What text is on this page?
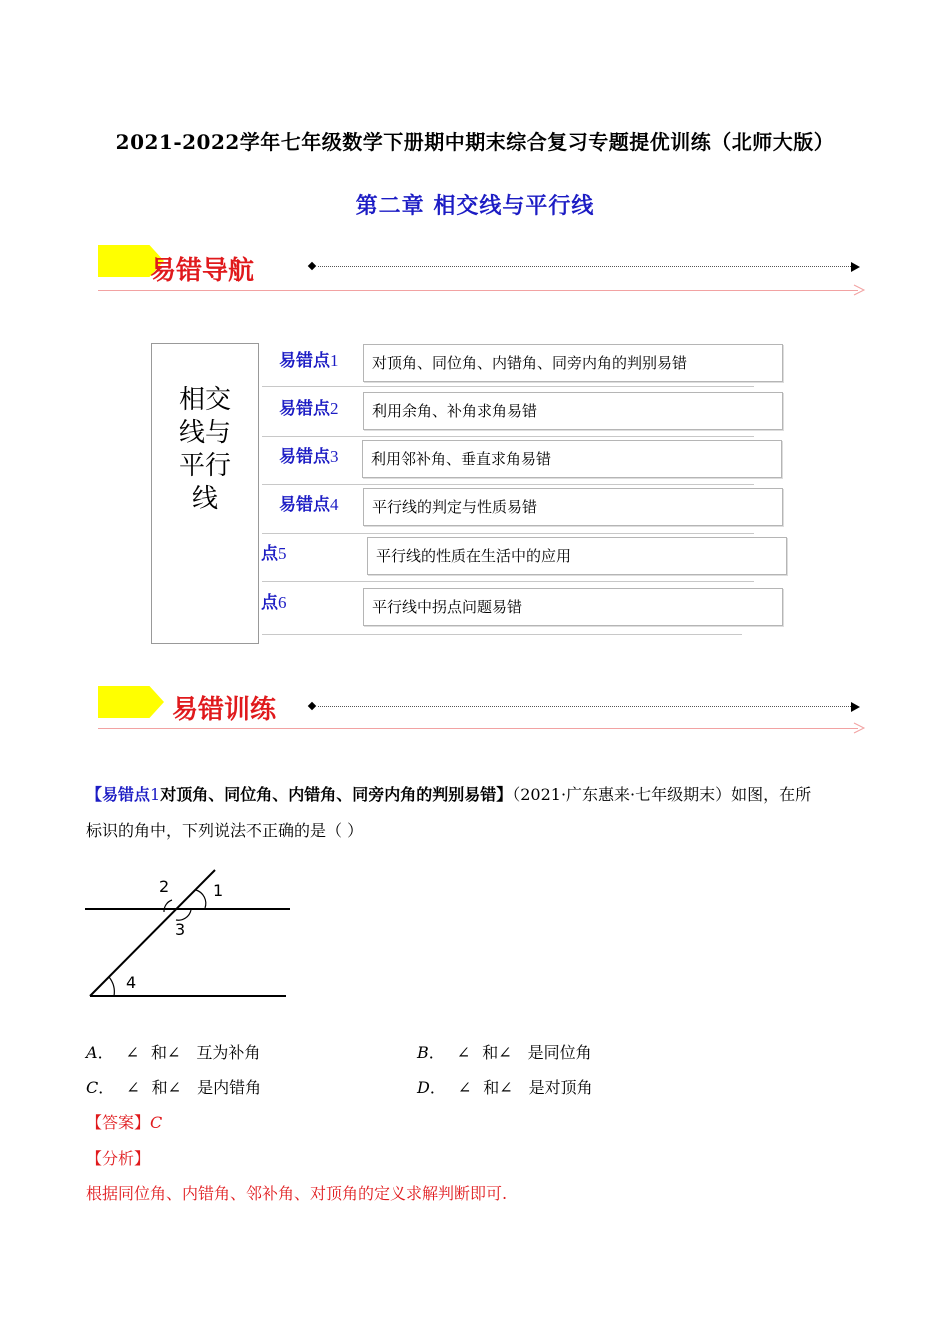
2021-2022学年七年级数学下册期中期末综合复习专题提优训练（北师大版）
第二章 相交线与平行线
易错导航
相交
线与
平行
线
易错点1	对顶角、同位角、内错角、同旁内角的判别易错
易错点2	利用余角、补角求角易错
易错点3	利用邻补角、垂直求角易错
易错点4	平行线的判定与性质易错
点5	平行线的性质在生活中的应用
点6	平行线中拐点问题易错
易错训练
【易错点1对顶角、同位角、内错角、同旁内角的判别易错】（2021·广东惠来·七年级期末）如图，在所
标识的角中，下列说法不正确的是（ ）
2	1
3
4
A． ∠ 和∠ 互为补角	B． ∠ 和∠ 是同位角
C． ∠ 和∠ 是内错角	D． ∠ 和∠ 是对顶角
【答案】C
【分析】
根据同位角、内错角、邻补角、对顶角的定义求解判断即可.
